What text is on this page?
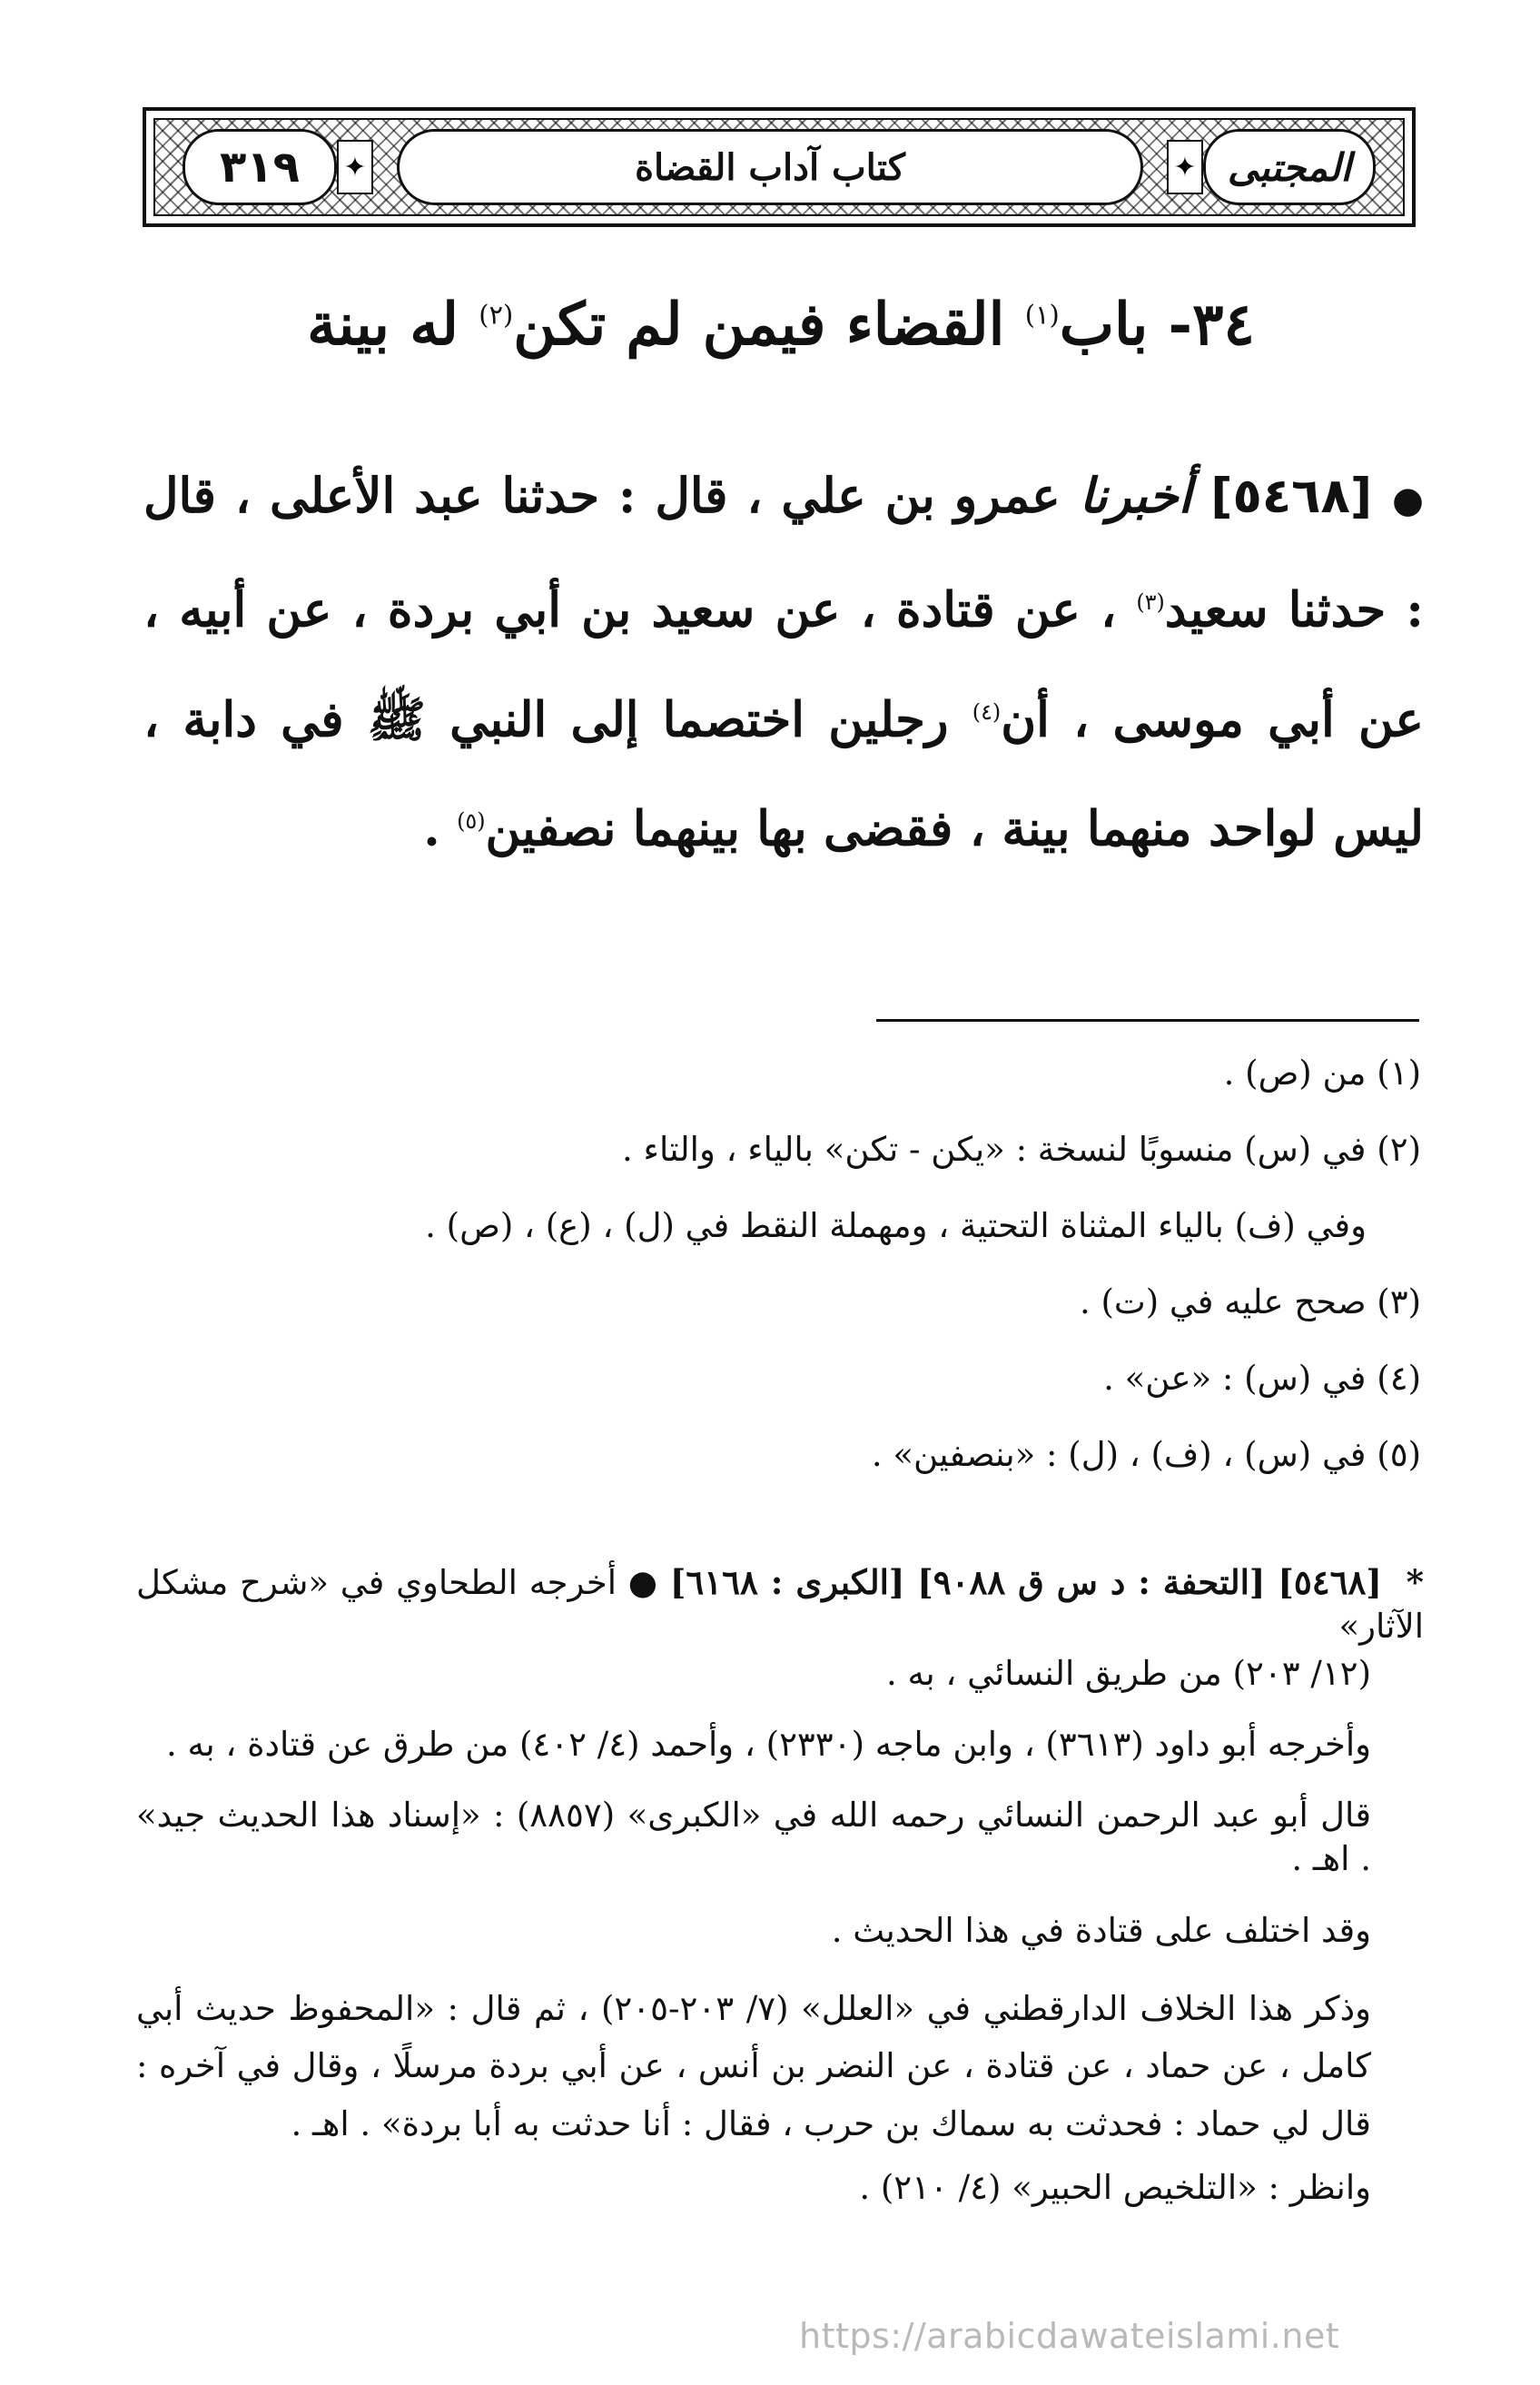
٣١٩	✦	كتاب آداب القضاة	✦ المجتبى
٣٤- باب$^{(١)}$ القضاء فيمن لم تكن$^{(٢)}$ له بينة
●[٥٤٦٨] أخبرنا عمرو بن علي ، قال : حدثنا عبد الأعلى ، قال : حدثنا سعيد$^{(٣)}$ ، عن قتادة ، عن سعيد بن أبي بردة ، عن أبيه ، عن أبي موسى ، أن$^{(٤)}$ رجلين اختصما إلى النبي ﷺ في دابة ، ليس لواحد منهما بينة ، فقضى بها بينهما نصفين$^{(٥)}$ .
(١) من (ص) .
(٢) في (س) منسوبًا لنسخة : «يكن - تكن» بالياء ، والتاء .
وفي (ف) بالياء المثناة التحتية ، ومهملة النقط في (ل) ، (ع) ، (ص) .
(٣) صحح عليه في (ت) .
(٤) في (س) : «عن» .
(٥) في (س) ، (ف) ، (ل) : «بنصفين» .
* [٥٤٦٨] [التحفة : د س ق ٩٠٨٨] [الكبرى : ٦١٦٨] ● أخرجه الطحاوي في «شرح مشكل الآثار»
(١٢/ ٢٠٣) من طريق النسائي ، به .
وأخرجه أبو داود (٣٦١٣) ، وابن ماجه (٢٣٣٠) ، وأحمد (٤/ ٤٠٢) من طرق عن قتادة ، به .
قال أبو عبد الرحمن النسائي رحمه الله في «الكبرى» (٨٨٥٧) : «إسناد هذا الحديث جيد» . اهـ .
وقد اختلف على قتادة في هذا الحديث .
وذكر هذا الخلاف الدارقطني في «العلل» (٧/ ٢٠٣-٢٠٥) ، ثم قال : «المحفوظ حديث أبي كامل ، عن حماد ، عن قتادة ، عن النضر بن أنس ، عن أبي بردة مرسلًا ، وقال في آخره : قال لي حماد : فحدثت به سماك بن حرب ، فقال : أنا حدثت به أبا بردة» . اهـ .
وانظر : «التلخيص الحبير» (٤/ ٢١٠) .
https://arabicdawateislami.net
